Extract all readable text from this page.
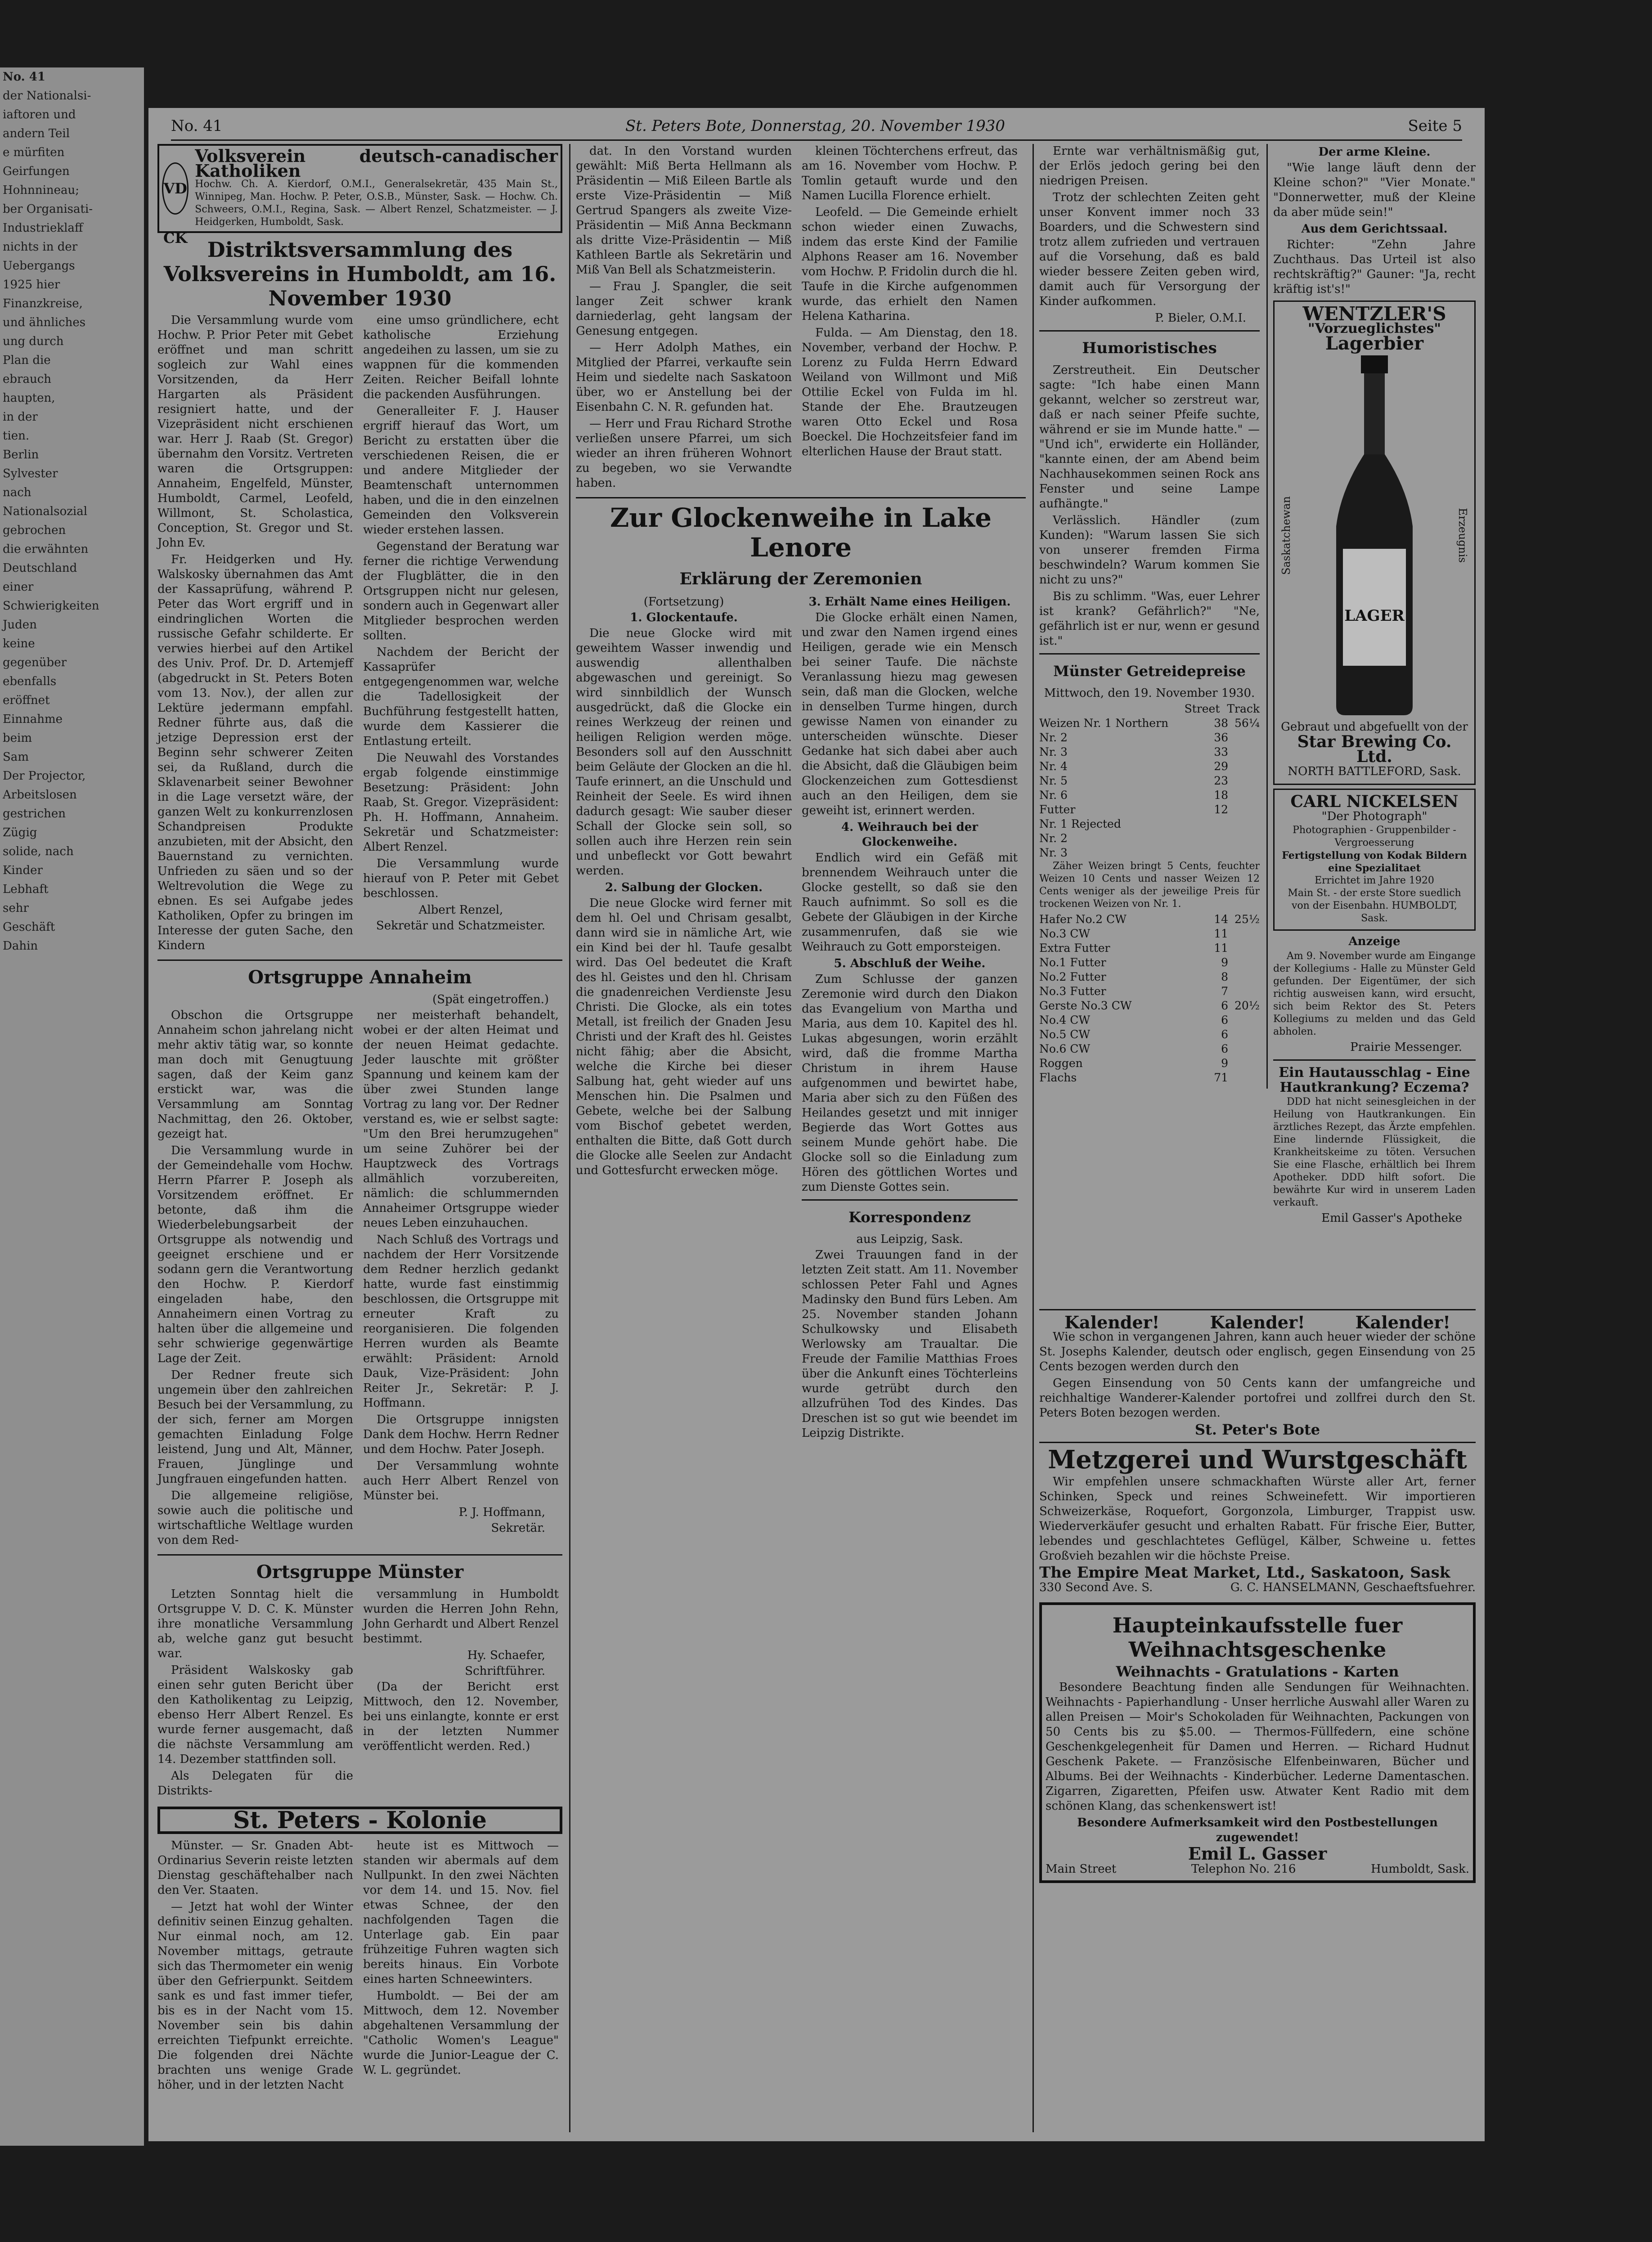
No. 41
der Nationalsi-
iaftoren und
andern Teil
e mürfiten
Geirfungen
Hohnnineau;
ber Organisati-
Industrieklaff
nichts in der
Uebergangs
1925 hier
Finanzkreise,
und ähnliches
ung durch
Plan die
ebrauch
haupten,
in der
tien.
Berlin
Sylvester
nach
Nationalsozial
gebrochen
die erwähnten
Deutschland
einer
Schwierigkeiten
Juden
keine
gegenüber
ebenfalls
eröffnet
Einnahme
beim
Sam
Der Projector,
Arbeitslosen
gestrichen
Zügig
solide, nach
Kinder
Lebhaft
sehr
Geschäft
Dahin
No. 41	St. Peters Bote, Donnerstag, 20. November 1930	Seite 5
VD CK
Volksverein deutsch-canadischer Katholiken
Hochw. Ch. A. Kierdorf, O.M.I., Generalsekretär, 435 Main St., Winnipeg, Man. Hochw. P. Peter, O.S.B., Münster, Sask. — Hochw. Ch. Schweers, O.M.I., Regina, Sask. — Albert Renzel, Schatzmeister. — J. Heidgerken, Humboldt, Sask.
Distriktsversammlung des Volksvereins in Humboldt, am 16. November 1930

Die Versammlung wurde vom Hochw. P. Prior Peter mit Gebet eröffnet und man schritt sogleich zur Wahl eines Vorsitzenden, da Herr Hargarten als Präsident resigniert hatte, und der Vizepräsident nicht erschienen war. Herr J. Raab (St. Gregor) übernahm den Vorsitz. Vertreten waren die Ortsgruppen: Annaheim, Engelfeld, Münster, Humboldt, Carmel, Leofeld, Willmont, St. Scholastica, Conception, St. Gregor und St. John Ev.

Fr. Heidgerken und Hy. Walskosky übernahmen das Amt der Kassaprüfung, während P. Peter das Wort ergriff und in eindringlichen Worten die russische Gefahr schilderte. Er verwies hierbei auf den Artikel des Univ. Prof. Dr. D. Artemjeff (abgedruckt in St. Peters Boten vom 13. Nov.), der allen zur Lektüre jedermann empfahl. Redner führte aus, daß die jetzige Depression erst der Beginn sehr schwerer Zeiten sei, da Rußland, durch die Sklavenarbeit seiner Bewohner in die Lage versetzt wäre, der ganzen Welt zu konkurrenzlosen Schandpreisen Produkte anzubieten, mit der Absicht, den Bauernstand zu vernichten. Unfrieden zu säen und so der Weltrevolution die Wege zu ebnen. Es sei Aufgabe jedes Katholiken, Opfer zu bringen im Interesse der guten Sache, den Kindern

eine umso gründlichere, echt katholische Erziehung angedeihen zu lassen, um sie zu wappnen für die kommenden Zeiten. Reicher Beifall lohnte die packenden Ausführungen.

Generalleiter F. J. Hauser ergriff hierauf das Wort, um Bericht zu erstatten über die verschiedenen Reisen, die er und andere Mitglieder der Beamtenschaft unternommen haben, und die in den einzelnen Gemeinden den Volksverein wieder erstehen lassen.

Gegenstand der Beratung war ferner die richtige Verwendung der Flugblätter, die in den Ortsgruppen nicht nur gelesen, sondern auch in Gegenwart aller Mitglieder besprochen werden sollten.

Nachdem der Bericht der Kassaprüfer entgegengenommen war, welche die Tadellosigkeit der Buchführung festgestellt hatten, wurde dem Kassierer die Entlastung erteilt.

Die Neuwahl des Vorstandes ergab folgende einstimmige Besetzung: Präsident: John Raab, St. Gregor. Vizepräsident: Ph. H. Hoffmann, Annaheim. Sekretär und Schatzmeister: Albert Renzel.

Die Versammlung wurde hierauf von P. Peter mit Gebet beschlossen.

Albert Renzel,
Sekretär und Schatzmeister.
Ortsgruppe Annaheim
(Spät eingetroffen.)

Obschon die Ortsgruppe Annaheim schon jahrelang nicht mehr aktiv tätig war, so konnte man doch mit Genugtuung sagen, daß der Keim ganz erstickt war, was die Versammlung am Sonntag Nachmittag, den 26. Oktober, gezeigt hat.

Die Versammlung wurde in der Gemeindehalle vom Hochw. Herrn Pfarrer P. Joseph als Vorsitzendem eröffnet. Er betonte, daß ihm die Wiederbelebungsarbeit der Ortsgruppe als notwendig und geeignet erschiene und er sodann gern die Verantwortung den Hochw. P. Kierdorf eingeladen habe, den Annaheimern einen Vortrag zu halten über die allgemeine und sehr schwierige gegenwärtige Lage der Zeit.

Der Redner freute sich ungemein über den zahlreichen Besuch bei der Versammlung, zu der sich, ferner am Morgen gemachten Einladung Folge leistend, Jung und Alt, Männer, Frauen, Jünglinge und Jungfrauen eingefunden hatten.

Die allgemeine religiöse, sowie auch die politische und wirtschaftliche Weltlage wurden von dem Red-

ner meisterhaft behandelt, wobei er der alten Heimat und der neuen Heimat gedachte. Jeder lauschte mit größter Spannung und keinem kam der über zwei Stunden lange Vortrag zu lang vor. Der Redner verstand es, wie er selbst sagte: "Um den Brei herumzugehen" um seine Zuhörer bei der Hauptzweck des Vortrags allmählich vorzubereiten, nämlich: die schlummernden Annaheimer Ortsgruppe wieder neues Leben einzuhauchen.

Nach Schluß des Vortrags und nachdem der Herr Vorsitzende dem Redner herzlich gedankt hatte, wurde fast einstimmig beschlossen, die Ortsgruppe mit erneuter Kraft zu reorganisieren. Die folgenden Herren wurden als Beamte erwählt: Präsident: Arnold Dauk, Vize-Präsident: John Reiter Jr., Sekretär: P. J. Hoffmann.

Die Ortsgruppe innigsten Dank dem Hochw. Herrn Redner und dem Hochw. Pater Joseph.

Der Versammlung wohnte auch Herr Albert Renzel von Münster bei.

P. J. Hoffmann,
Sekretär.
Ortsgruppe Münster

Letzten Sonntag hielt die Ortsgruppe V. D. C. K. Münster ihre monatliche Versammlung ab, welche ganz gut besucht war.

Präsident Walskosky gab einen sehr guten Bericht über den Katholikentag zu Leipzig, ebenso Herr Albert Renzel. Es wurde ferner ausgemacht, daß die nächste Versammlung am 14. Dezember stattfinden soll.

Als Delegaten für die Distrikts-

versammlung in Humboldt wurden die Herren John Rehn, John Gerhardt und Albert Renzel bestimmt.

Hy. Schaefer,
Schriftführer.

(Da der Bericht erst Mittwoch, den 12. November, bei uns einlangte, konnte er erst in der letzten Nummer veröffentlicht werden. Red.)

St. Peters - Kolonie

Münster. — Sr. Gnaden Abt-Ordinarius Severin reiste letzten Dienstag geschäftehalber nach den Ver. Staaten.

— Jetzt hat wohl der Winter definitiv seinen Einzug gehalten. Nur einmal noch, am 12. November mittags, getraute sich das Thermometer ein wenig über den Gefrierpunkt. Seitdem sank es und fast immer tiefer, bis es in der Nacht vom 15. November sein bis dahin erreichten Tiefpunkt erreichte. Die folgenden drei Nächte brachten uns wenige Grade höher, und in der letzten Nacht

heute ist es Mittwoch — standen wir abermals auf dem Nullpunkt. In den zwei Nächten vor dem 14. und 15. Nov. fiel etwas Schnee, der den nachfolgenden Tagen die Unterlage gab. Ein paar frühzeitige Fuhren wagten sich bereits hinaus. Ein Vorbote eines harten Schneewinters.

Humboldt. — Bei der am Mittwoch, dem 12. November abgehaltenen Versammlung der "Catholic Women's League" wurde die Junior-League der C. W. L. gegründet.

dat. In den Vorstand wurden gewählt: Miß Berta Hellmann als Präsidentin — Miß Eileen Bartle als erste Vize-Präsidentin — Miß Gertrud Spangers als zweite Vize-Präsidentin — Miß Anna Beckmann als dritte Vize-Präsidentin — Miß Kathleen Bartle als Sekretärin und Miß Van Bell als Schatzmeisterin.

— Frau J. Spangler, die seit langer Zeit schwer krank darniederlag, geht langsam der Genesung entgegen.

— Herr Adolph Mathes, ein Mitglied der Pfarrei, verkaufte sein Heim und siedelte nach Saskatoon über, wo er Anstellung bei der Eisenbahn C. N. R. gefunden hat.

— Herr und Frau Richard Strothe verließen unsere Pfarrei, um sich wieder an ihren früheren Wohnort zu begeben, wo sie Verwandte haben.

kleinen Töchterchens erfreut, das am 16. November vom Hochw. P. Tomlin getauft wurde und den Namen Lucilla Florence erhielt.

Leofeld. — Die Gemeinde erhielt schon wieder einen Zuwachs, indem das erste Kind der Familie Alphons Reaser am 16. November vom Hochw. P. Fridolin durch die hl. Taufe in die Kirche aufgenommen wurde, das erhielt den Namen Helena Katharina.

Fulda. — Am Dienstag, den 18. November, verband der Hochw. P. Lorenz zu Fulda Herrn Edward Weiland von Willmont und Miß Ottilie Eckel von Fulda im hl. Stande der Ehe. Brautzeugen waren Otto Eckel und Rosa Boeckel. Die Hochzeitsfeier fand im elterlichen Hause der Braut statt.

Zur Glockenweihe in Lake Lenore
Erklärung der Zeremonien
(Fortsetzung)
1. Glockentaufe.

Die neue Glocke wird mit geweihtem Wasser inwendig und auswendig allenthalben abgewaschen und gereinigt. So wird sinnbildlich der Wunsch ausgedrückt, daß die Glocke ein reines Werkzeug der reinen und heiligen Religion werden möge. Besonders soll auf den Ausschnitt beim Geläute der Glocken an die hl. Taufe erinnert, an die Unschuld und Reinheit der Seele. Es wird ihnen dadurch gesagt: Wie sauber dieser Schall der Glocke sein soll, so sollen auch ihre Herzen rein sein und unbefleckt vor Gott bewahrt werden.

2. Salbung der Glocken.

Die neue Glocke wird ferner mit dem hl. Oel und Chrisam gesalbt, dann wird sie in nämliche Art, wie ein Kind bei der hl. Taufe gesalbt wird. Das Oel bedeutet die Kraft des hl. Geistes und den hl. Chrisam die gnadenreichen Verdienste Jesu Christi. Die Glocke, als ein totes Metall, ist freilich der Gnaden Jesu Christi und der Kraft des hl. Geistes nicht fähig; aber die Absicht, welche die Kirche bei dieser Salbung hat, geht wieder auf uns Menschen hin. Die Psalmen und Gebete, welche bei der Salbung vom Bischof gebetet werden, enthalten die Bitte, daß Gott durch die Glocke alle Seelen zur Andacht und Gottesfurcht erwecken möge.

3. Erhält Name eines Heiligen.

Die Glocke erhält einen Namen, und zwar den Namen irgend eines Heiligen, gerade wie ein Mensch bei seiner Taufe. Die nächste Veranlassung hiezu mag gewesen sein, daß man die Glocken, welche in denselben Turme hingen, durch gewisse Namen von einander zu unterscheiden wünschte. Dieser Gedanke hat sich dabei aber auch die Absicht, daß die Gläubigen beim Glockenzeichen zum Gottesdienst auch an den Heiligen, dem sie geweiht ist, erinnert werden.

4. Weihrauch bei der Glockenweihe.

Endlich wird ein Gefäß mit brennendem Weihrauch unter die Glocke gestellt, so daß sie den Rauch aufnimmt. So soll es die Gebete der Gläubigen in der Kirche zusammenrufen, daß sie wie Weihrauch zu Gott emporsteigen.

5. Abschluß der Weihe.

Zum Schlusse der ganzen Zeremonie wird durch den Diakon das Evangelium von Martha und Maria, aus dem 10. Kapitel des hl. Lukas abgesungen, worin erzählt wird, daß die fromme Martha Christum in ihrem Hause aufgenommen und bewirtet habe, Maria aber sich zu den Füßen des Heilandes gesetzt und mit inniger Begierde das Wort Gottes aus seinem Munde gehört habe. Die Glocke soll so die Einladung zum Hören des göttlichen Wortes und zum Dienste Gottes sein.

Korrespondenz
aus Leipzig, Sask.

Zwei Trauungen fand in der letzten Zeit statt. Am 11. November schlossen Peter Fahl und Agnes Madinsky den Bund fürs Leben. Am 25. November standen Johann Schulkowsky und Elisabeth Werlowsky am Traualtar. Die Freude der Familie Matthias Froes über die Ankunft eines Töchterleins wurde getrübt durch den allzufrühen Tod des Kindes. Das Dreschen ist so gut wie beendet im Leipzig Distrikte.

Ernte war verhältnismäßig gut, der Erlös jedoch gering bei den niedrigen Preisen.

Trotz der schlechten Zeiten geht unser Konvent immer noch 33 Boarders, und die Schwestern sind trotz allem zufrieden und vertrauen auf die Vorsehung, daß es bald wieder bessere Zeiten geben wird, damit auch für Versorgung der Kinder aufkommen.

P. Bieler, O.M.I.
Humoristisches

Zerstreutheit. Ein Deutscher sagte: "Ich habe einen Mann gekannt, welcher so zerstreut war, daß er nach seiner Pfeife suchte, während er sie im Munde hatte." — "Und ich", erwiderte ein Holländer, "kannte einen, der am Abend beim Nachhausekommen seinen Rock ans Fenster und seine Lampe aufhängte."

Verlässlich. Händler (zum Kunden): "Warum lassen Sie sich von unserer fremden Firma beschwindeln? Warum kommen Sie nicht zu uns?"

Bis zu schlimm. "Was, euer Lehrer ist krank? Gefährlich?" "Ne, gefährlich ist er nur, wenn er gesund ist."

Münster Getreidepreise
Mittwoch, den 19. November 1930.
Street Track
Weizen Nr. 1 Northern	38 56¼
Nr. 2	36
Nr. 3	33
Nr. 4	29
Nr. 5	23
Nr. 6	18
Futter	12
Nr. 1 Rejected
Nr. 2
Nr. 3

Zäher Weizen bringt 5 Cents, feuchter Weizen 10 Cents und nasser Weizen 12 Cents weniger als der jeweilige Preis für trockenen Weizen von Nr. 1.

Hafer No.2 CW	14 25½
No.3 CW	11
Extra Futter	11
No.1 Futter	9
No.2 Futter	8
No.3 Futter	7
Gerste No.3 CW	6 20½
No.4 CW	6
No.5 CW	6
No.6 CW	6
Roggen	9
Flachs	71
Der arme Kleine.

"Wie lange läuft denn der Kleine schon?" "Vier Monate." "Donnerwetter, muß der Kleine da aber müde sein!"

Aus dem Gerichtssaal.

Richter: "Zehn Jahre Zuchthaus. Das Urteil ist also rechtskräftig?" Gauner: "Ja, recht kräftig ist's!"

WENTZLER'S
"Vorzueglichstes"
Lagerbier
Saskatchewan
LAGER
Erzeugnis
Gebraut und abgefuellt von der
Star Brewing Co. Ltd.
NORTH BATTLEFORD, Sask.
CARL NICKELSEN
"Der Photograph"
Photographien - Gruppenbilder - Vergroesserung
Fertigstellung von Kodak Bildern eine Spezialitaet
Errichtet im Jahre 1920
Main St. - der erste Store suedlich von der Eisenbahn. HUMBOLDT, Sask.
Anzeige

Am 9. November wurde am Eingange der Kollegiums - Halle zu Münster Geld gefunden. Der Eigentümer, der sich richtig ausweisen kann, wird ersucht, sich beim Rektor des St. Peters Kollegiums zu melden und das Geld abholen.

Prairie Messenger.
Ein Hautausschlag - Eine Hautkrankung? Eczema?

DDD hat nicht seinesgleichen in der Heilung von Hautkrankungen. Ein ärztliches Rezept, das Ärzte empfehlen. Eine lindernde Flüssigkeit, die Krankheitskeime zu töten. Versuchen Sie eine Flasche, erhältlich bei Ihrem Apotheker. DDD hilft sofort. Die bewährte Kur wird in unserem Laden verkauft.

Emil Gasser's Apotheke
Kalender!	Kalender!	Kalender!

Wie schon in vergangenen Jahren, kann auch heuer wieder der schöne St. Josephs Kalender, deutsch oder englisch, gegen Einsendung von 25 Cents bezogen werden durch den

Gegen Einsendung von 50 Cents kann der umfangreiche und reichhaltige Wanderer-Kalender portofrei und zollfrei durch den St. Peters Boten bezogen werden.

St. Peter's Bote
Metzgerei und Wurstgeschäft

Wir empfehlen unsere schmackhaften Würste aller Art, ferner Schinken, Speck und reines Schweinefett. Wir importieren Schweizerkäse, Roquefort, Gorgonzola, Limburger, Trappist usw. Wiederverkäufer gesucht und erhalten Rabatt. Für frische Eier, Butter, lebendes und geschlachtetes Geflügel, Kälber, Schweine u. fettes Großvieh bezahlen wir die höchste Preise.

The Empire Meat Market, Ltd., Saskatoon, Sask
330 Second Ave. S.	G. C. HANSELMANN, Geschaeftsfuehrer.
Haupteinkaufsstelle fuer Weihnachtsgeschenke
Weihnachts - Gratulations - Karten

Besondere Beachtung finden alle Sendungen für Weihnachten. Weihnachts - Papierhandlung - Unser herrliche Auswahl aller Waren zu allen Preisen — Moir's Schokoladen für Weihnachten, Packungen von 50 Cents bis zu $5.00. — Thermos-Füllfedern, eine schöne Geschenkgelegenheit für Damen und Herren. — Richard Hudnut Geschenk Pakete. — Französische Elfenbeinwaren, Bücher und Albums. Bei der Weihnachts - Kinderbücher. Lederne Damentaschen. Zigarren, Zigaretten, Pfeifen usw. Atwater Kent Radio mit dem schönen Klang, das schenkenswert ist!

Besondere Aufmerksamkeit wird den Postbestellungen zugewendet!
Emil L. Gasser
Main Street	Telephon No. 216	Humboldt, Sask.
